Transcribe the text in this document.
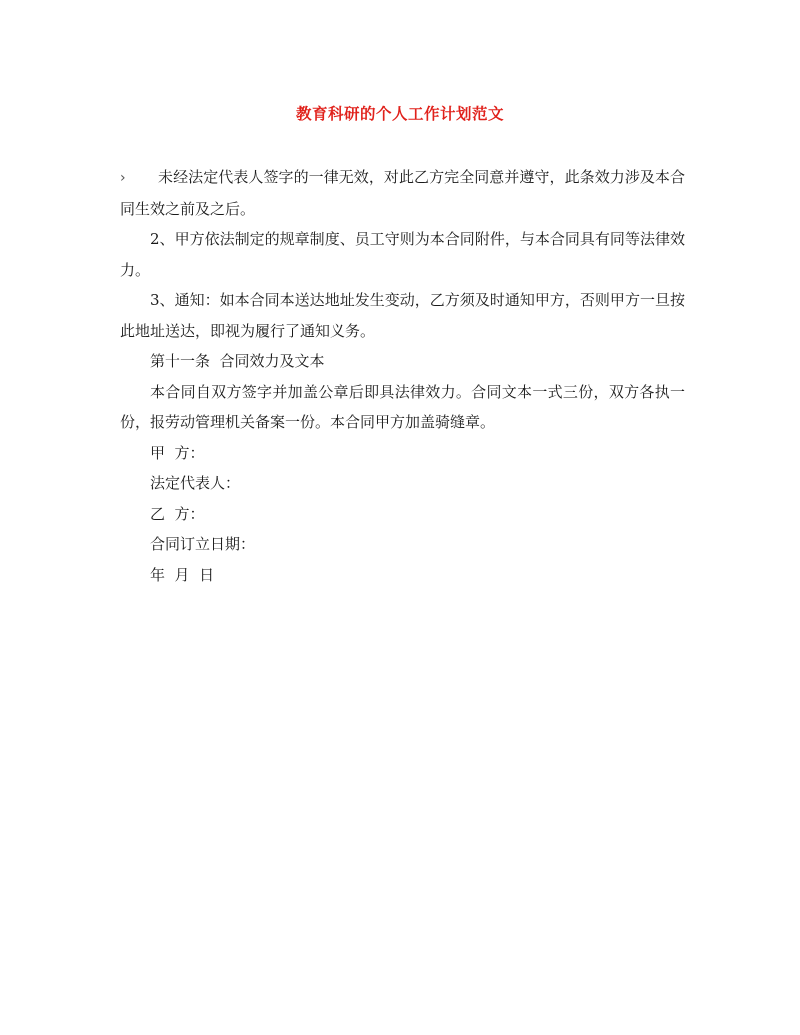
教育科研的个人工作计划范文

› 未经法定代表人签字的一律无效，对此乙方完全同意并遵守，此条效力涉及本合同生效之前及之后。

2、甲方依法制定的规章制度、员工守则为本合同附件，与本合同具有同等法律效力。

3、通知：如本合同本送达地址发生变动，乙方须及时通知甲方，否则甲方一旦按此地址送达，即视为履行了通知义务。

第十一条  合同效力及文本

本合同自双方签字并加盖公章后即具法律效力。合同文本一式三份，双方各执一份，报劳动管理机关备案一份。本合同甲方加盖骑缝章。

甲  方：

法定代表人：

乙  方：

合同订立日期：

年  月  日
